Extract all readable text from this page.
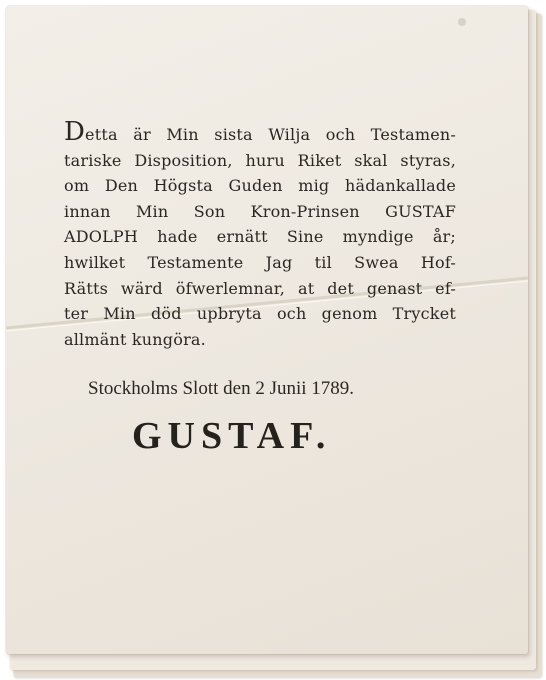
Detta är Min sista Wilja och Testamen-
tariske Disposition, huru Riket skal styras,
om Den Högsta Guden mig hädankallade
innan Min Son Kron-Prinsen GUSTAF
ADOLPH hade ernätt Sine myndige år;
hwilket Testamente Jag til Swea Hof-
Rätts wärd öfwerlemnar, at det genast ef-
ter Min död upbryta och genom Trycket
allmänt kungöra.
Stockholms Slott den 2 Junii 1789.
GUSTAF.
